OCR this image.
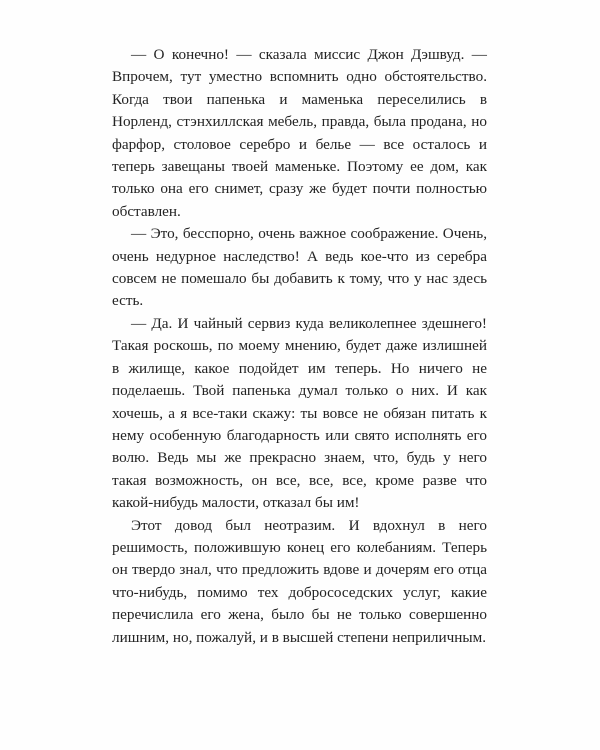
— О конечно! — сказала миссис Джон Дэшвуд. — Впрочем, тут уместно вспомнить одно обстоятельство. Когда твои папенька и маменька переселились в Норленд, стэнхиллская мебель, правда, была продана, но фарфор, столовое серебро и белье — все осталось и теперь завещаны твоей маменьке. Поэтому ее дом, как только она его снимет, сразу же будет почти полностью обставлен.

— Это, бесспорно, очень важное соображение. Очень, очень недурное наследство! А ведь кое-что из серебра совсем не помешало бы добавить к тому, что у нас здесь есть.

— Да. И чайный сервиз куда великолепнее здешнего! Такая роскошь, по моему мнению, будет даже излишней в жилище, какое подойдет им теперь. Но ничего не поделаешь. Твой папенька думал только о них. И как хочешь, а я все-таки скажу: ты вовсе не обязан питать к нему особенную благодарность или свято исполнять его волю. Ведь мы же прекрасно знаем, что, будь у него такая возможность, он все, все, все, кроме разве что какой-нибудь малости, отказал бы им!

Этот довод был неотразим. И вдохнул в него решимость, положившую конец его колебаниям. Теперь он твердо знал, что предложить вдове и дочерям его отца что-нибудь, помимо тех добрососедских услуг, какие перечислила его жена, было бы не только совершенно лишним, но, пожалуй, и в высшей степени неприличным.
